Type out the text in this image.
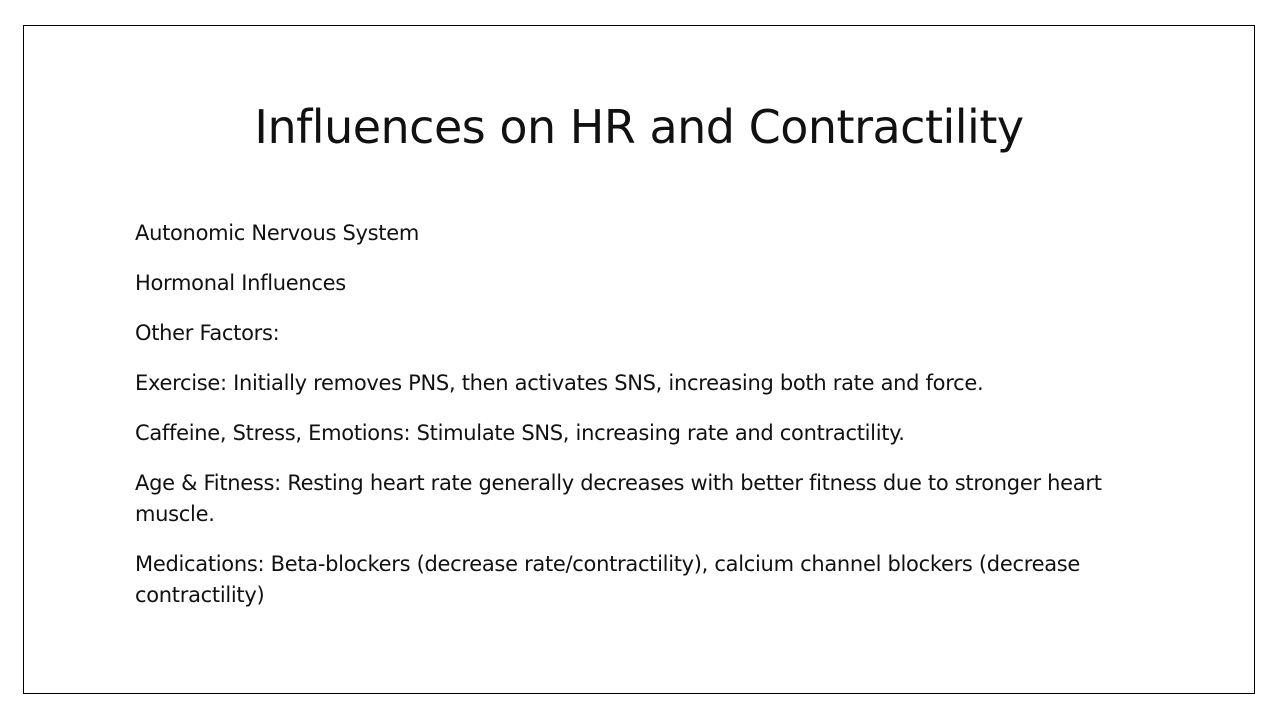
Influences on HR and Contractility
Autonomic Nervous System
Hormonal Influences
Other Factors:
Exercise: Initially removes PNS, then activates SNS, increasing both rate and force.
Caffeine, Stress, Emotions: Stimulate SNS, increasing rate and contractility.
Age & Fitness: Resting heart rate generally decreases with better fitness due to stronger heart muscle.
Medications: Beta-blockers (decrease rate/contractility), calcium channel blockers (decrease contractility)
